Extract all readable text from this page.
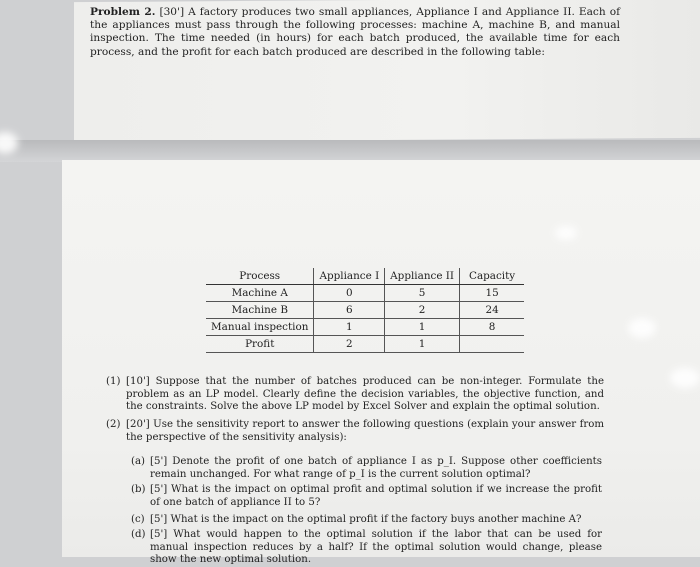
Problem 2. [30'] A factory produces two small appliances, Appliance I and Appliance II. Each of the appliances must pass through the following processes: machine A, machine B, and manual inspection. The time needed (in hours) for each batch produced, the available time for each process, and the profit for each batch produced are described in the following table:
Process	Appliance I	Appliance II	Capacity
Machine A	0	5	15
Machine B	6	2	24
Manual inspection	1	1	8
Profit	2	1	
(1) [10'] Suppose that the number of batches produced can be non-integer. Formulate the problem as an LP model. Clearly define the decision variables, the objective function, and the constraints. Solve the above LP model by Excel Solver and explain the optimal solution.
(2) [20'] Use the sensitivity report to answer the following questions (explain your answer from the perspective of the sensitivity analysis):
(a) [5'] Denote the profit of one batch of appliance I as p_I. Suppose other coefficients remain unchanged. For what range of p_I is the current solution optimal?
(b) [5'] What is the impact on optimal profit and optimal solution if we increase the profit of one batch of appliance II to 5?
(c) [5'] What is the impact on the optimal profit if the factory buys another machine A?
(d) [5'] What would happen to the optimal solution if the labor that can be used for manual inspection reduces by a half? If the optimal solution would change, please show the new optimal solution.
